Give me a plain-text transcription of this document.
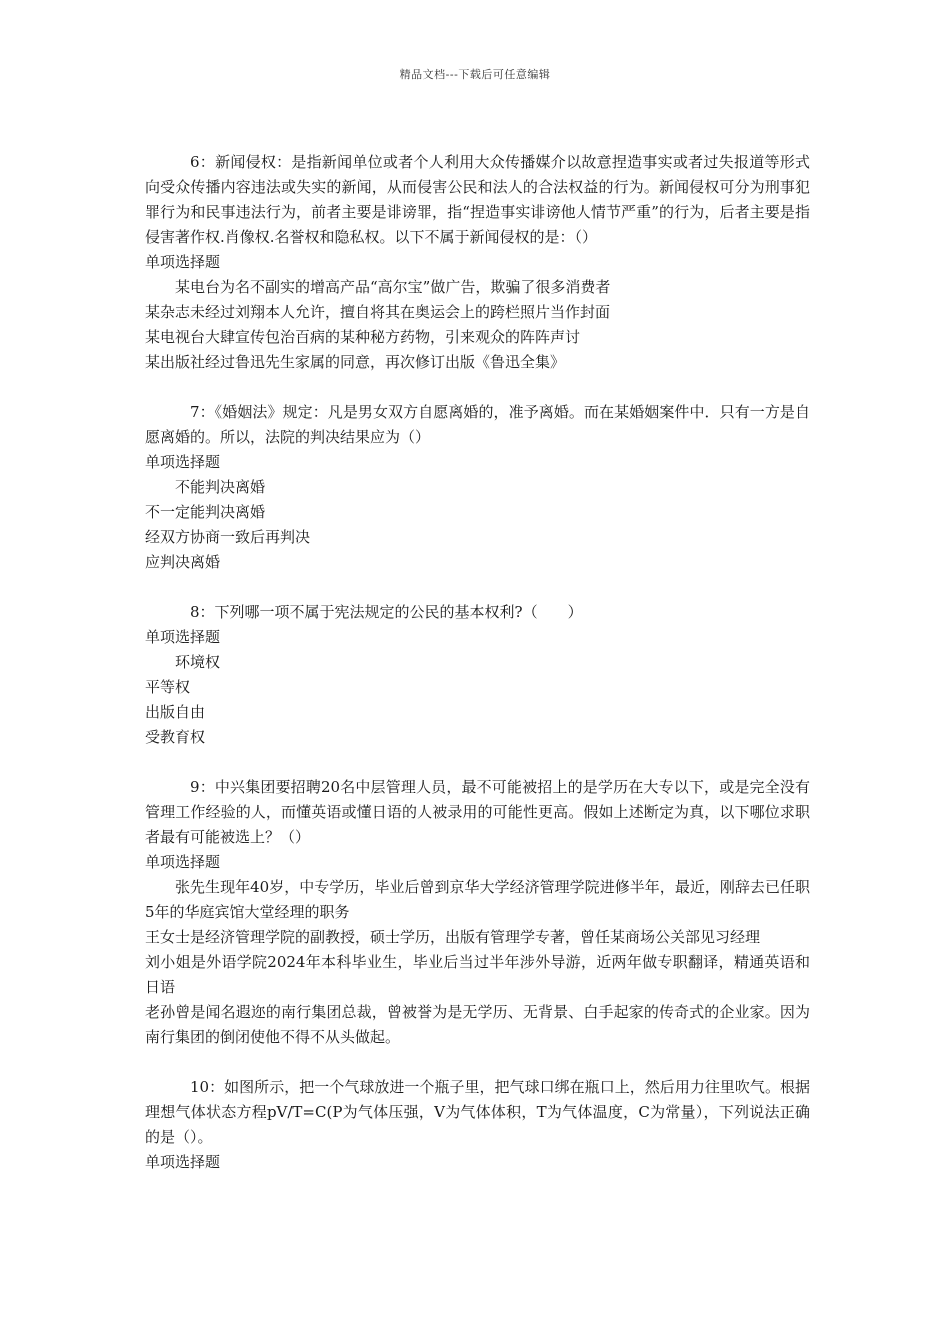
精品文档---下载后可任意编辑
6：新闻侵权：是指新闻单位或者个人利用大众传播媒介以故意捏造事实或者过失报道等形式向受众传播内容违法或失实的新闻，从而侵害公民和法人的合法权益的行为。新闻侵权可分为刑事犯罪行为和民事违法行为，前者主要是诽谤罪，指“捏造事实诽谤他人情节严重”的行为，后者主要是指侵害著作权.肖像权.名誉权和隐私权。以下不属于新闻侵权的是：（）
单项选择题
某电台为名不副实的增高产品“高尔宝”做广告，欺骗了很多消费者
某杂志未经过刘翔本人允许，擅自将其在奥运会上的跨栏照片当作封面
某电视台大肆宣传包治百病的某种秘方药物，引来观众的阵阵声讨
某出版社经过鲁迅先生家属的同意，再次修订出版《鲁迅全集》
7：《婚姻法》规定：凡是男女双方自愿离婚的，准予离婚。而在某婚姻案件中．只有一方是自愿离婚的。所以，法院的判决结果应为（）
单项选择题
不能判决离婚
不一定能判决离婚
经双方协商一致后再判决
应判决离婚
8：下列哪一项不属于宪法规定的公民的基本权利?（　　）
单项选择题
环境权
平等权
出版自由
受教育权
9：中兴集团要招聘20名中层管理人员，最不可能被招上的是学历在大专以下，或是完全没有管理工作经验的人，而懂英语或懂日语的人被录用的可能性更高。假如上述断定为真，以下哪位求职者最有可能被选上？（）
单项选择题
张先生现年40岁，中专学历，毕业后曾到京华大学经济管理学院进修半年，最近，刚辞去已任职5年的华庭宾馆大堂经理的职务
王女士是经济管理学院的副教授，硕士学历，出版有管理学专著，曾任某商场公关部见习经理
刘小姐是外语学院2024年本科毕业生，毕业后当过半年涉外导游，近两年做专职翻译，精通英语和日语
老孙曾是闻名遐迩的南行集团总裁，曾被誉为是无学历、无背景、白手起家的传奇式的企业家。因为南行集团的倒闭使他不得不从头做起。
10：如图所示，把一个气球放进一个瓶子里，把气球口绑在瓶口上，然后用力往里吹气。根据理想气体状态方程pV/T=C(P为气体压强，V为气体体积，T为气体温度，C为常量），下列说法正确的是（）。
单项选择题
